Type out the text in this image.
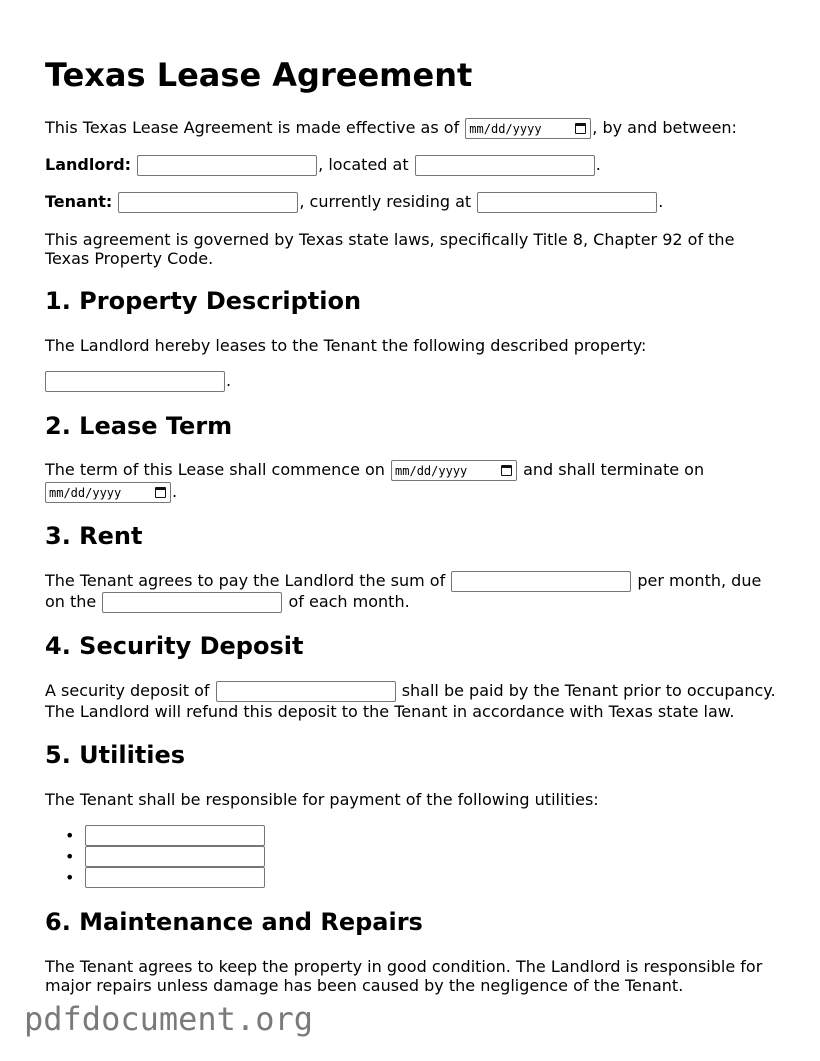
Texas Lease Agreement
This Texas Lease Agreement is made effective as of mm/dd/yyyy	, by and between:
Landlord:	, located at	.
Tenant:	, currently residing at	.
This agreement is governed by Texas state laws, specifically Title 8, Chapter 92 of the Texas Property Code.
1. Property Description
The Landlord hereby leases to the Tenant the following described property:
.
2. Lease Term
The term of this Lease shall commence on mm/dd/yyyy	and shall terminate on
mm/dd/yyyy	.
3. Rent
The Tenant agrees to pay the Landlord the sum of	per month, due
on the	of each month.
4. Security Deposit
A security deposit of	shall be paid by the Tenant prior to occupancy.
The Landlord will refund this deposit to the Tenant in accordance with Texas state law.
5. Utilities
The Tenant shall be responsible for payment of the following utilities:
•
•
•
6. Maintenance and Repairs
The Tenant agrees to keep the property in good condition. The Landlord is responsible for major repairs unless damage has been caused by the negligence of the Tenant.
pdfdocument.org
